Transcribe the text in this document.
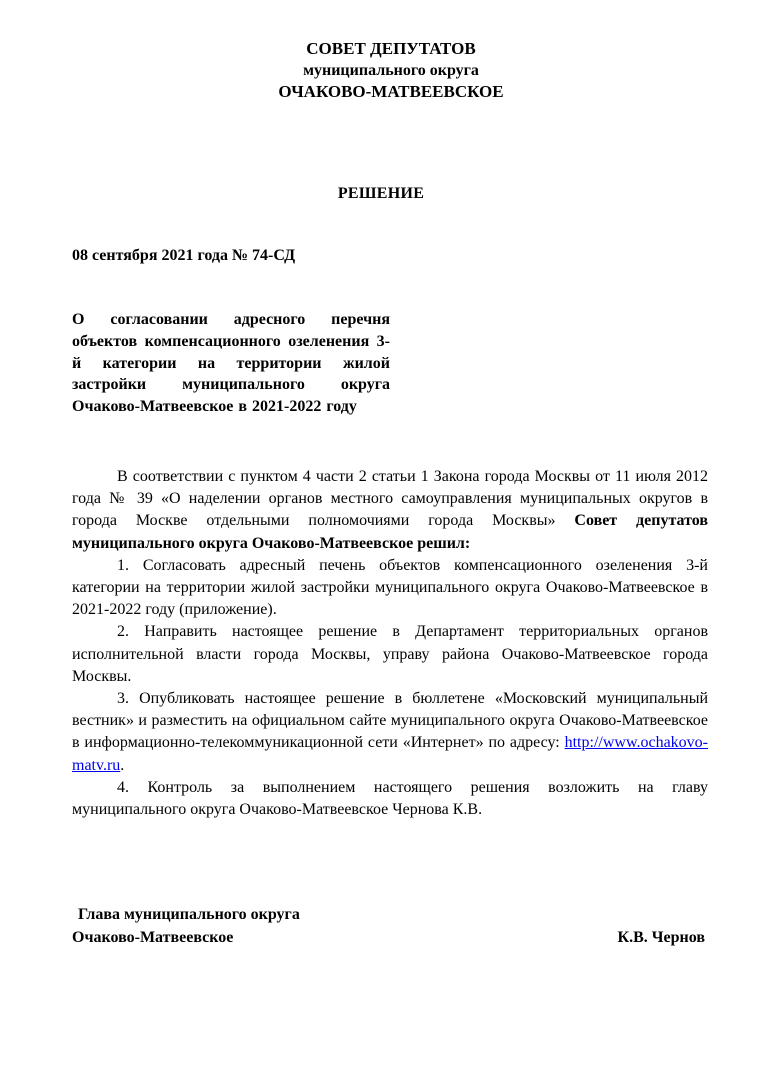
СОВЕТ ДЕПУТАТОВ
муниципального округа
ОЧАКОВО-МАТВЕЕВСКОЕ
РЕШЕНИЕ
08 сентября 2021 года № 74-СД
О согласовании адресного перечня объектов компенсационного озеленения 3-й категории на территории жилой застройки муниципального округа Очаково-Матвеевское в 2021-2022 году

В соответствии с пунктом 4 части 2 статьи 1 Закона города Москвы от 11 июля 2012 года № 39 «О наделении органов местного самоуправления муниципальных округов в города Москве отдельными полномочиями города Москвы» Совет депутатов муниципального округа Очаково-Матвеевское решил:

1. Согласовать адресный печень объектов компенсационного озеленения 3-й категории на территории жилой застройки муниципального округа Очаково-Матвеевское в 2021-2022 году (приложение).

2. Направить настоящее решение в Департамент территориальных органов исполнительной власти города Москвы, управу района Очаково-Матвеевское города Москвы.

3. Опубликовать настоящее решение в бюллетене «Московский муниципальный вестник» и разместить на официальном сайте муниципального округа Очаково-Матвеевское в информационно-телекоммуникационной сети «Интернет» по адресу: http://www.ochakovo-matv.ru.

4. Контроль за выполнением настоящего решения возложить на главу муниципального округа Очаково-Матвеевское Чернова К.В.

Глава муниципального округа
Очаково-Матвеевское	К.В. Чернов
